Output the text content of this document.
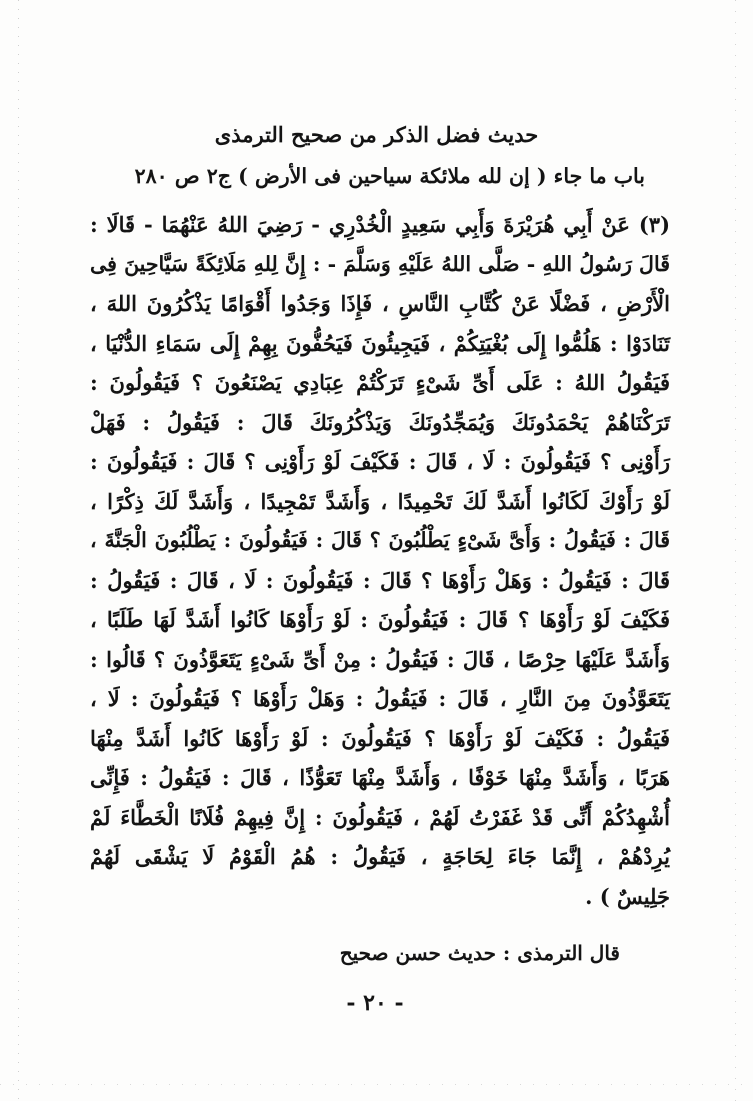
حديث فضل الذكر من صحيح الترمذى
باب ما جاء ( إن لله ملائكة سياحين فى الأرض ) ج٢ ص ٢٨٠
(٣) عَنْ أَبِي هُرَيْرَةَ وَأَبِي سَعِيدٍ الْخُدْرِي - رَضِيَ اللهُ عَنْهُمَا - قَالَا :
قَالَ رَسُولُ اللهِ - صَلَّى اللهُ عَلَيْهِ وَسَلَّمَ - : إِنَّ لِلهِ مَلَائِكَةً سَيَّاحِينَ فِى
الْأَرْضِ ، فَضْلًا عَنْ كُتَّابِ النَّاسِ ، فَإِذَا وَجَدُوا أَقْوَامًا يَذْكُرُونَ اللهَ ،
تَنَادَوْا : هَلُمُّوا إِلَى بُغْيَتِكُمْ ، فَيَجِيئُونَ فَيَحُفُّونَ بِهِمْ إِلَى سَمَاءِ الدُّنْيَا ،
فَيَقُولُ اللهُ : عَلَى أَىِّ شَىْءٍ تَرَكْتُمْ عِبَادِي يَصْنَعُونَ ؟ فَيَقُولُونَ :
تَرَكْنَاهُمْ يَحْمَدُونَكَ وَيُمَجِّدُونَكَ وَيَذْكُرُونَكَ قَالَ : فَيَقُولُ : فَهَلْ
رَأَوْنِى ؟ فَيَقُولُونَ : لَا ، قَالَ : فَكَيْفَ لَوْ رَأَوْنِى ؟ قَالَ : فَيَقُولُونَ :
لَوْ رَأَوْكَ لَكَانُوا أَشَدَّ لَكَ تَحْمِيدًا ، وَأَشَدَّ تَمْجِيدًا ، وَأَشَدَّ لَكَ ذِكْرًا ،
قَالَ : فَيَقُولُ : وَأَىَّ شَىْءٍ يَطْلُبُونَ ؟ قَالَ : فَيَقُولُونَ : يَطْلُبُونَ الْجَنَّةَ ،
قَالَ : فَيَقُولُ : وَهَلْ رَأَوْهَا ؟ قَالَ : فَيَقُولُونَ : لَا ، قَالَ : فَيَقُولُ :
فَكَيْفَ لَوْ رَأَوْهَا ؟ قَالَ : فَيَقُولُونَ : لَوْ رَأَوْهَا كَانُوا أَشَدَّ لَهَا طَلَبًا ،
وَأَشَدَّ عَلَيْهَا حِرْصًا ، قَالَ : فَيَقُولُ : مِنْ أَىِّ شَىْءٍ يَتَعَوَّذُونَ ؟ قَالُوا :
يَتَعَوَّذُونَ مِنَ النَّارِ ، قَالَ : فَيَقُولُ : وَهَلْ رَأَوْهَا ؟ فَيَقُولُونَ : لَا ،
فَيَقُولُ : فَكَيْفَ لَوْ رَأَوْهَا ؟ فَيَقُولُونَ : لَوْ رَأَوْهَا كَانُوا أَشَدَّ مِنْهَا
هَرَبًا ، وَأَشَدَّ مِنْهَا خَوْفًا ، وَأَشَدَّ مِنْهَا تَعَوُّذًا ، قَالَ : فَيَقُولُ : فَإِنِّى
أُشْهِدُكُمْ أَنِّى قَدْ غَفَرْتُ لَهُمْ ، فَيَقُولُونَ : إِنَّ فِيهِمْ فُلَانًا الْخَطَّاءَ لَمْ
يُرِدْهُمْ ، إِنَّمَا جَاءَ لِحَاجَةٍ ، فَيَقُولُ : هُمُ الْقَوْمُ لَا يَشْقَى لَهُمْ
جَلِيسٌ ) .
قال الترمذى : حديث حسن صحيح
- ٢٠ -
